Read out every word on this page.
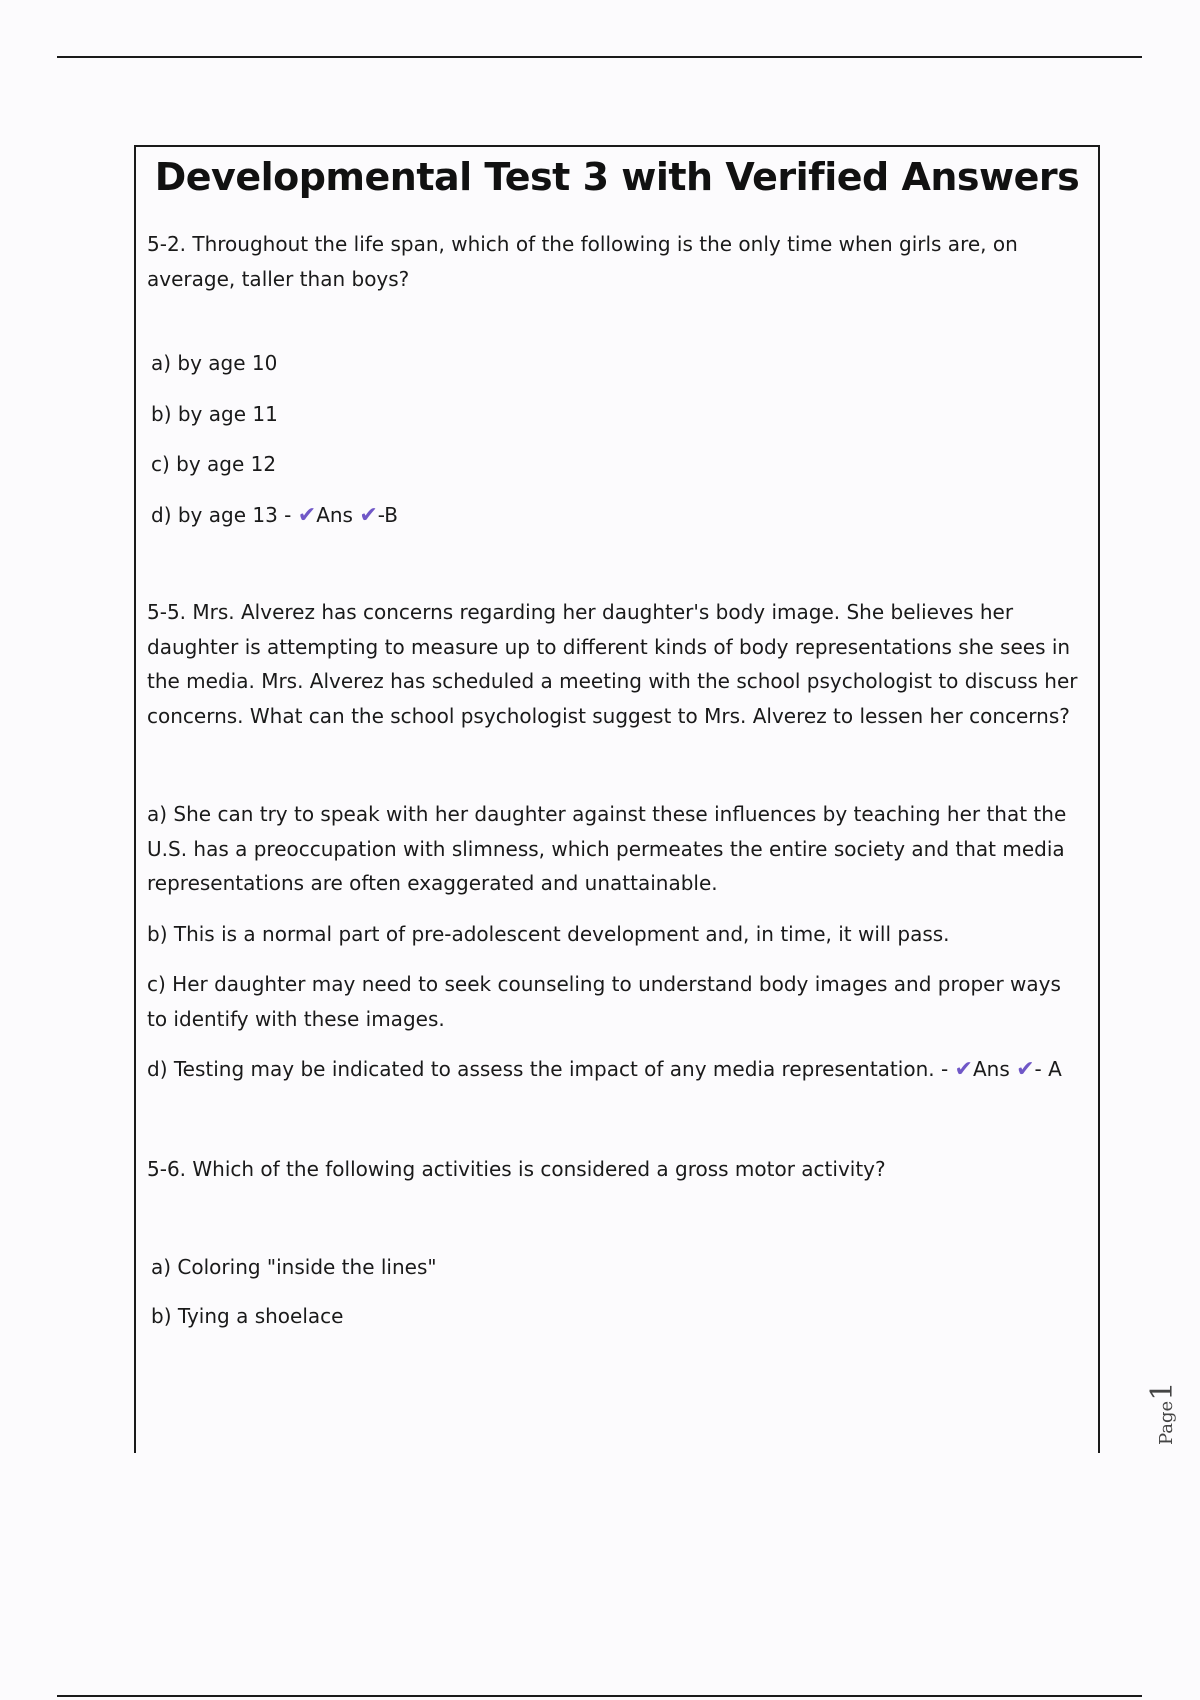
Developmental Test 3 with Verified Answers

5-2. Throughout the life span, which of the following is the only time when girls are, on average, taller than boys?

a) by age 10

b) by age 11

c) by age 12

d) by age 13 - ✔Ans ✔-B

5-5. Mrs. Alverez has concerns regarding her daughter's body image. She believes her daughter is attempting to measure up to different kinds of body representations she sees in the media. Mrs. Alverez has scheduled a meeting with the school psychologist to discuss her concerns. What can the school psychologist suggest to Mrs. Alverez to lessen her concerns?

a) She can try to speak with her daughter against these influences by teaching her that the U.S. has a preoccupation with slimness, which permeates the entire society and that media representations are often exaggerated and unattainable.

b) This is a normal part of pre-adolescent development and, in time, it will pass.

c) Her daughter may need to seek counseling to understand body images and proper ways to identify with these images.

d) Testing may be indicated to assess the impact of any media representation. - ✔Ans ✔- A

5-6. Which of the following activities is considered a gross motor activity?

a) Coloring "inside the lines"

b) Tying a shoelace

Page1
